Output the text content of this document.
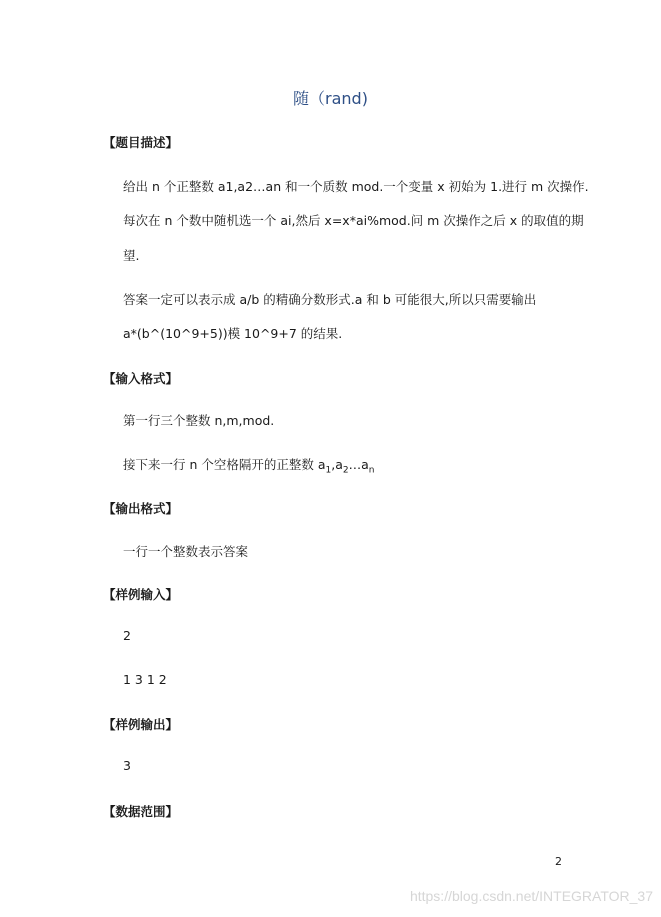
随（rand)
【题目描述】
给出 n 个正整数 a1,a2…an 和一个质数 mod.一个变量 x 初始为 1.进行 m 次操作.
每次在 n 个数中随机选一个 ai,然后 x=x*ai%mod.问 m 次操作之后 x 的取值的期
望.
答案一定可以表示成 a/b 的精确分数形式.a 和 b 可能很大,所以只需要输出
a*(b^(10^9+5))模 10^9+7 的结果.
【输入格式】
第一行三个整数 n,m,mod.
接下来一行 n 个空格隔开的正整数 $a_1,a_2\dots a_n$
【输出格式】
一行一个整数表示答案
【样例输入】
2
1 3 1 2
【样例输出】
3
【数据范围】
2
https://blog.csdn.net/INTEGRATOR_37
